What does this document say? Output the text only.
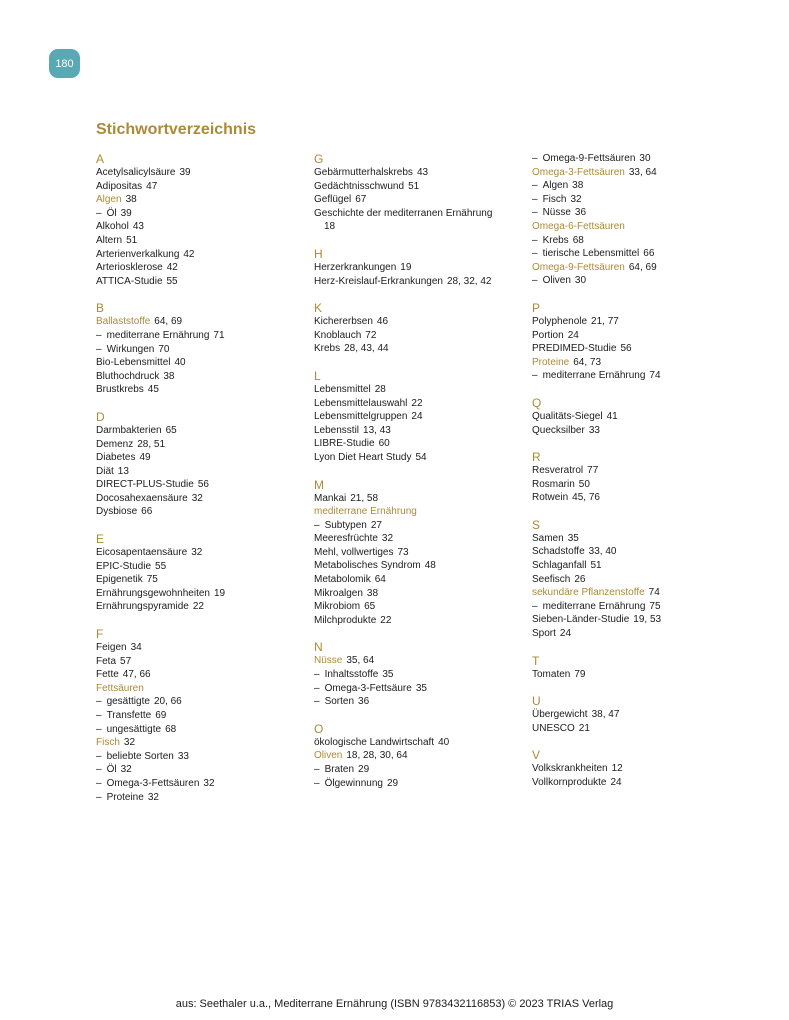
180
Stichwortverzeichnis
A
Acetylsalicylsäure 39
Adipositas 47
Algen 38
– Öl 39
Alkohol 43
Altern 51
Arterienverkalkung 42
Arteriosklerose 42
ATTICA-Studie 55
B
Ballaststoffe 64, 69
– mediterrane Ernährung 71
– Wirkungen 70
Bio-Lebensmittel 40
Bluthochdruck 38
Brustkrebs 45
D
Darmbakterien 65
Demenz 28, 51
Diabetes 49
Diät 13
DIRECT-PLUS-Studie 56
Docosahexaensäure 32
Dysbiose 66
E
Eicosapentaensäure 32
EPIC-Studie 55
Epigenetik 75
Ernährungsgewohnheiten 19
Ernährungspyramide 22
F
Feigen 34
Feta 57
Fette 47, 66
Fettsäuren
– gesättigte 20, 66
– Transfette 69
– ungesättigte 68
Fisch 32
– beliebte Sorten 33
– Öl 32
– Omega-3-Fettsäuren 32
– Proteine 32
G
Gebärmutterhalskrebs 43
Gedächtnisschwund 51
Geflügel 67
Geschichte der mediterranen Ernährung
18
H
Herzerkrankungen 19
Herz-Kreislauf-Erkrankungen 28, 32, 42
K
Kichererbsen 46
Knoblauch 72
Krebs 28, 43, 44
L
Lebensmittel 28
Lebensmittelauswahl 22
Lebensmittelgruppen 24
Lebensstil 13, 43
LIBRE-Studie 60
Lyon Diet Heart Study 54
M
Mankai 21, 58
mediterrane Ernährung
– Subtypen 27
Meeresfrüchte 32
Mehl, vollwertiges 73
Metabolisches Syndrom 48
Metabolomik 64
Mikroalgen 38
Mikrobiom 65
Milchprodukte 22
N
Nüsse 35, 64
– Inhaltsstoffe 35
– Omega-3-Fettsäure 35
– Sorten 36
O
ökologische Landwirtschaft 40
Oliven 18, 28, 30, 64
– Braten 29
– Ölgewinnung 29
– Omega-9-Fettsäuren 30
Omega-3-Fettsäuren 33, 64
– Algen 38
– Fisch 32
– Nüsse 36
Omega-6-Fettsäuren
– Krebs 68
– tierische Lebensmittel 66
Omega-9-Fettsäuren 64, 69
– Oliven 30
P
Polyphenole 21, 77
Portion 24
PREDIMED-Studie 56
Proteine 64, 73
– mediterrane Ernährung 74
Q
Qualitäts-Siegel 41
Quecksilber 33
R
Resveratrol 77
Rosmarin 50
Rotwein 45, 76
S
Samen 35
Schadstoffe 33, 40
Schlaganfall 51
Seefisch 26
sekundäre Pflanzenstoffe 74
– mediterrane Ernährung 75
Sieben-Länder-Studie 19, 53
Sport 24
T
Tomaten 79
U
Übergewicht 38, 47
UNESCO 21
V
Volkskrankheiten 12
Vollkornprodukte 24
aus: Seethaler u.a., Mediterrane Ernährung (ISBN 9783432116853) © 2023 TRIAS Verlag
